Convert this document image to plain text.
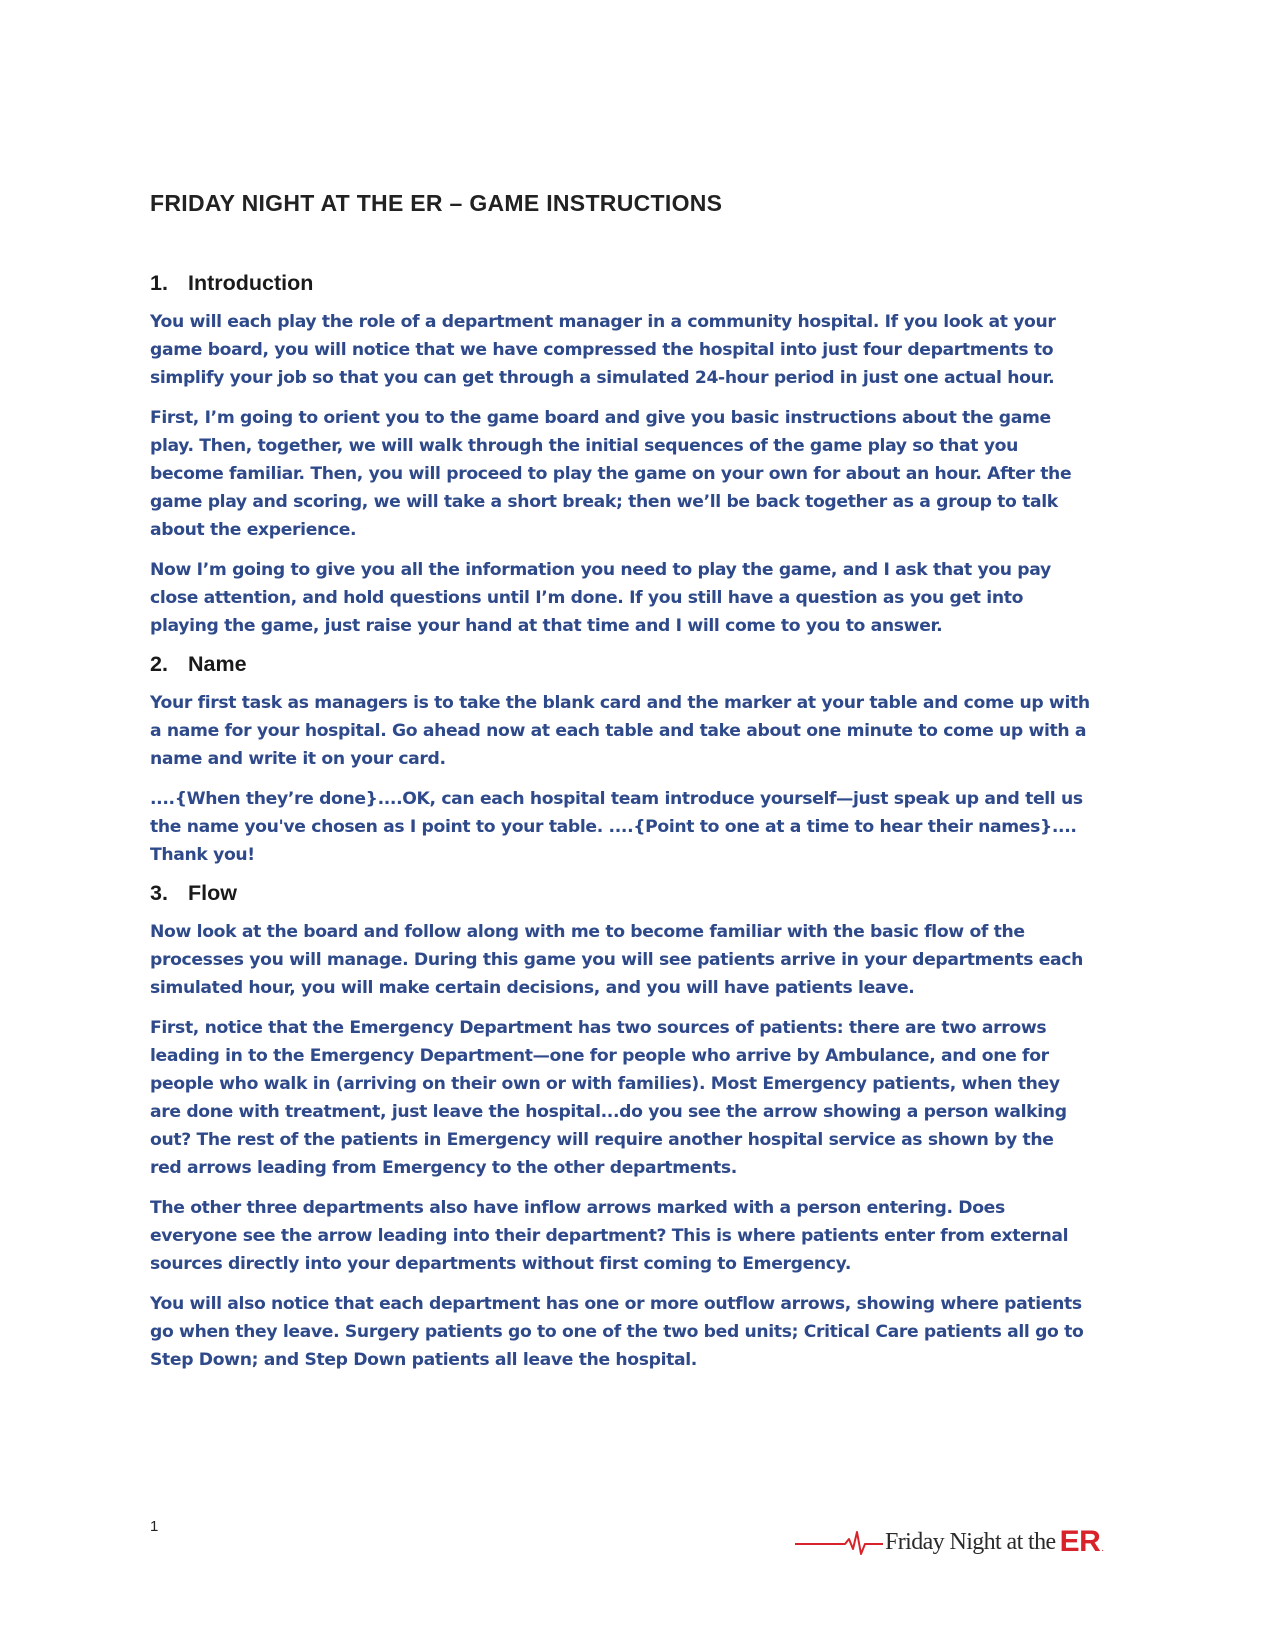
FRIDAY NIGHT AT THE ER – GAME INSTRUCTIONS
1. Introduction

You will each play the role of a department manager in a community hospital. If you look at your game board, you will notice that we have compressed the hospital into just four departments to simplify your job so that you can get through a simulated 24-hour period in just one actual hour.

First, I’m going to orient you to the game board and give you basic instructions about the game play. Then, together, we will walk through the initial sequences of the game play so that you become familiar. Then, you will proceed to play the game on your own for about an hour. After the game play and scoring, we will take a short break; then we’ll be back together as a group to talk about the experience.

Now I’m going to give you all the information you need to play the game, and I ask that you pay close attention, and hold questions until I’m done. If you still have a question as you get into playing the game, just raise your hand at that time and I will come to you to answer.

2. Name

Your first task as managers is to take the blank card and the marker at your table and come up with a name for your hospital. Go ahead now at each table and take about one minute to come up with a name and write it on your card.

....{When they’re done}....OK, can each hospital team introduce yourself—just speak up and tell us the name you've chosen as I point to your table. ....{Point to one at a time to hear their names}.... Thank you!

3. Flow

Now look at the board and follow along with me to become familiar with the basic flow of the processes you will manage. During this game you will see patients arrive in your departments each simulated hour, you will make certain decisions, and you will have patients leave.

First, notice that the Emergency Department has two sources of patients: there are two arrows leading in to the Emergency Department—one for people who arrive by Ambulance, and one for people who walk in (arriving on their own or with families). Most Emergency patients, when they are done with treatment, just leave the hospital...do you see the arrow showing a person walking out? The rest of the patients in Emergency will require another hospital service as shown by the red arrows leading from Emergency to the other departments.

The other three departments also have inflow arrows marked with a person entering. Does everyone see the arrow leading into their department? This is where patients enter from external sources directly into your departments without first coming to Emergency.

You will also notice that each department has one or more outflow arrows, showing where patients go when they leave. Surgery patients go to one of the two bed units; Critical Care patients all go to Step Down; and Step Down patients all leave the hospital.

1
Friday Night at the ER .
